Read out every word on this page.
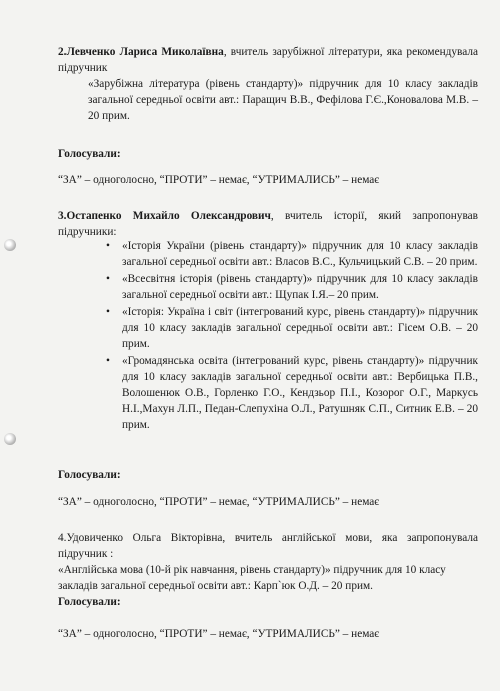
2.Левченко Лариса Миколаївна, вчитель зарубіжної літератури, яка рекомендувала підручник
«Зарубіжна література (рівень стандарту)» підручник для 10 класу закладів загальної середньої освіти авт.: Паращич В.В., Фефілова Г.Є.,Коновалова М.В. – 20 прим.
Голосували:
“ЗА” – одноголосно, “ПРОТИ” – немає, “УТРИМАЛИСЬ” – немає
3.Остапенко Михайло Олександрович, вчитель історії, який запропонував підручники:
•	«Історія України (рівень стандарту)» підручник для 10 класу закладів загальної середньої освіти авт.: Власов В.С., Кульчицький С.В. – 20 прим.
•	«Всесвітня історія (рівень стандарту)» підручник для 10 класу закладів загальної середньої освіти авт.: Щупак І.Я.– 20 прим.
•	«Історія: Україна і світ (інтегрований курс, рівень стандарту)» підручник для 10 класу закладів загальної середньої освіти авт.: Гісем О.В. – 20 прим.
•	«Громадянська освіта (інтегрований курс, рівень стандарту)» підручник для 10 класу закладів загальної середньої освіти авт.: Вербицька П.В., Волошенюк О.В., Горленко Г.О., Кендзьор П.І., Козорог О.Г., Маркусь Н.І.,Махун Л.П., Педан-Слепухіна О.Л., Ратушняк С.П., Ситник Е.В. – 20 прим.
Голосували:
“ЗА” – одноголосно, “ПРОТИ” – немає, “УТРИМАЛИСЬ” – немає
4.Удовиченко Ольга Вікторівна, вчитель англійської мови, яка запропонувала підручник :
«Англійська мова (10-й рік навчання, рівень стандарту)» підручник для 10 класу закладів загальної середньої освіти авт.: Карп`юк О.Д. – 20 прим.
Голосували:
“ЗА” – одноголосно, “ПРОТИ” – немає, “УТРИМАЛИСЬ” – немає
